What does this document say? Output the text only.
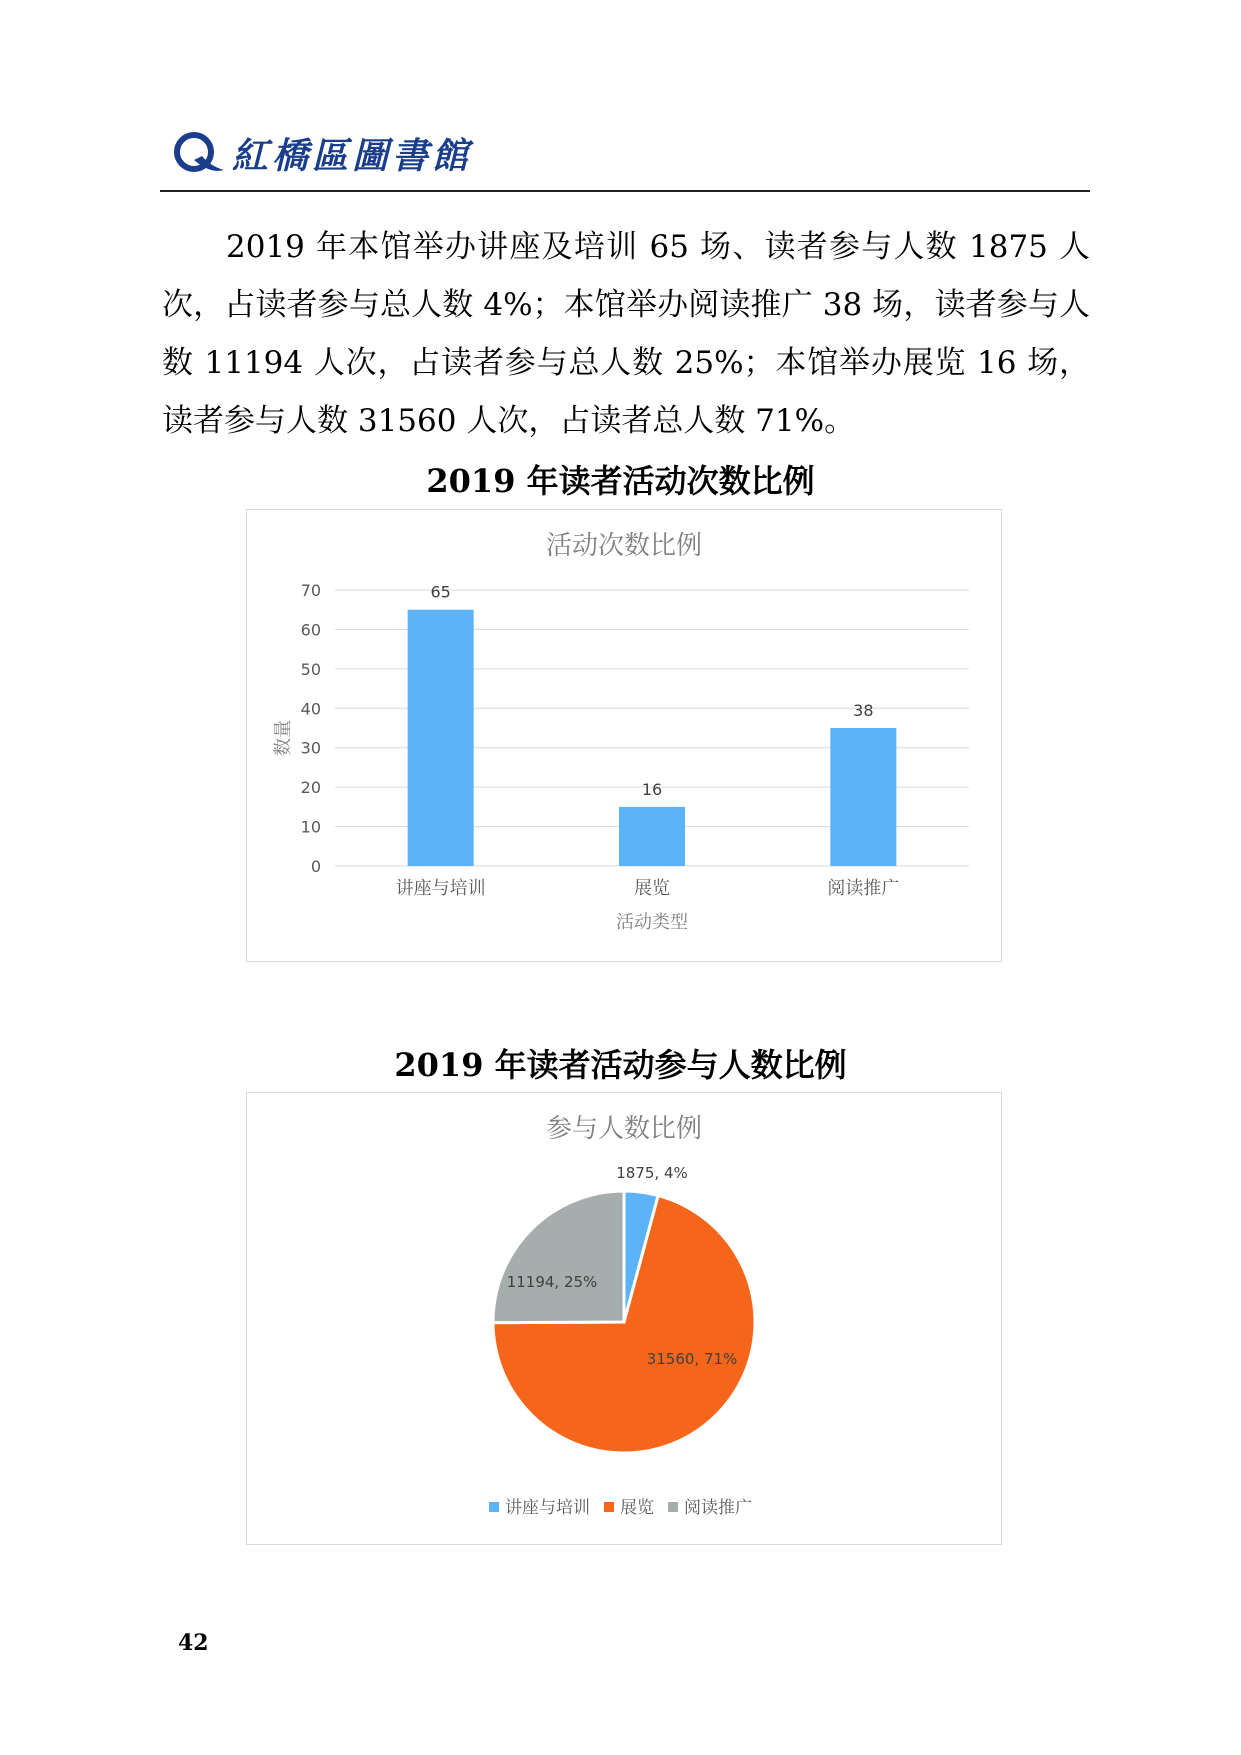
紅橋區圖書館
2019 年本馆举办讲座及培训 65 场、读者参与人数 1875 人次，占读者参与总人数 4%；本馆举办阅读推广 38 场，读者参与人数 11194 人次，占读者参与总人数 25%；本馆举办展览 16 场，读者参与人数 31560 人次，占读者总人数 71%。
2019 年读者活动次数比例
活动次数比例
0
10
20
30
40
50
60
70	65
16
38
讲座与培训	展览	阅读推广
活动类型
数量
2019 年读者活动参与人数比例
参与人数比例
1875, 4%
31560, 71%
11194, 25%
讲座与培训 展览 阅读推广
42
